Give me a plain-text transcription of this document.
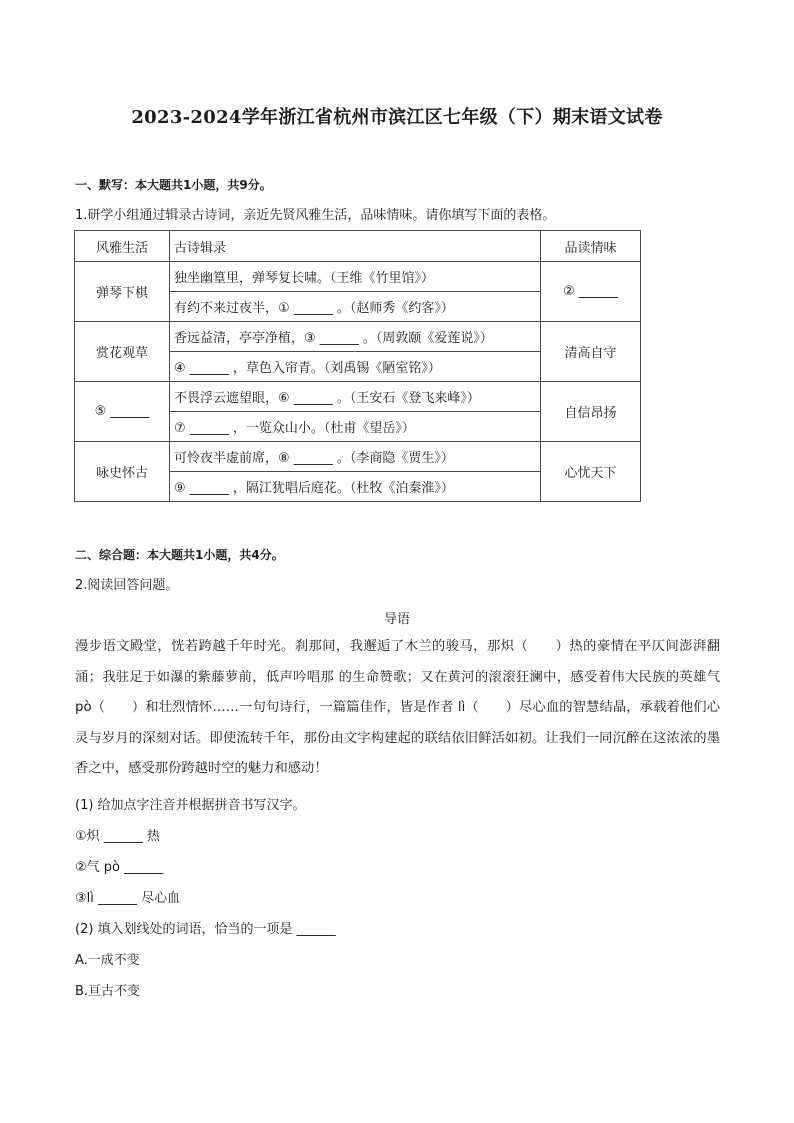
2023-2024学年浙江省杭州市滨江区七年级（下）期末语文试卷
一、默写：本大题共1小题，共9分。
1.研学小组通过辑录古诗词，亲近先贤风雅生活，品味情味。请你填写下面的表格。
风雅生活	古诗辑录	品读情味
弹琴下棋	独坐幽篁里，弹琴复长啸。（王维《竹里馆》）	② ______
	有约不来过夜半，① ______ 。（赵师秀《约客》）	
赏花观草	香远益清，亭亭净植，③ ______ 。（周敦颐《爱莲说》）	清高自守
	④ ______ ，草色入帘青。（刘禹锡《陋室铭》）	
⑤ ______	不畏浮云遮望眼，⑥ ______ 。（王安石《登飞来峰》）	自信昂扬
	⑦ ______ ，一览众山小。（杜甫《望岳》）	
咏史怀古	可怜夜半虚前席，⑧ ______ 。（李商隐《贾生》）	心忧天下
	⑨ ______ ，隔江犹唱后庭花。（杜牧《泊秦淮》）	
二、综合题：本大题共1小题，共4分。
2.阅读回答问题。
导语
漫步语文殿堂，恍若跨越千年时光。刹那间，我邂逅了木兰的骏马，那炽（　　）热的豪情在平仄间澎湃翻涌；我驻足于如瀑的紫藤萝前，低声吟唱那 的生命赞歌；又在黄河的滚滚狂澜中，感受着伟大民族的英雄气 pò（　　）和壮烈情怀……一句句诗行，一篇篇佳作，皆是作者 lì（　　）尽心血的智慧结晶，承载着他们心灵与岁月的深刻对话。即使流转千年，那份由文字构建起的联结依旧鲜活如初。让我们一同沉醉在这浓浓的墨香之中，感受那份跨越时空的魅力和感动！
(1) 给加点字注音并根据拼音书写汉字。
①炽 ______ 热
②气 pò ______
③lì ______ 尽心血
(2) 填入划线处的词语，恰当的一项是 ______
A.一成不变
B.亘古不变
